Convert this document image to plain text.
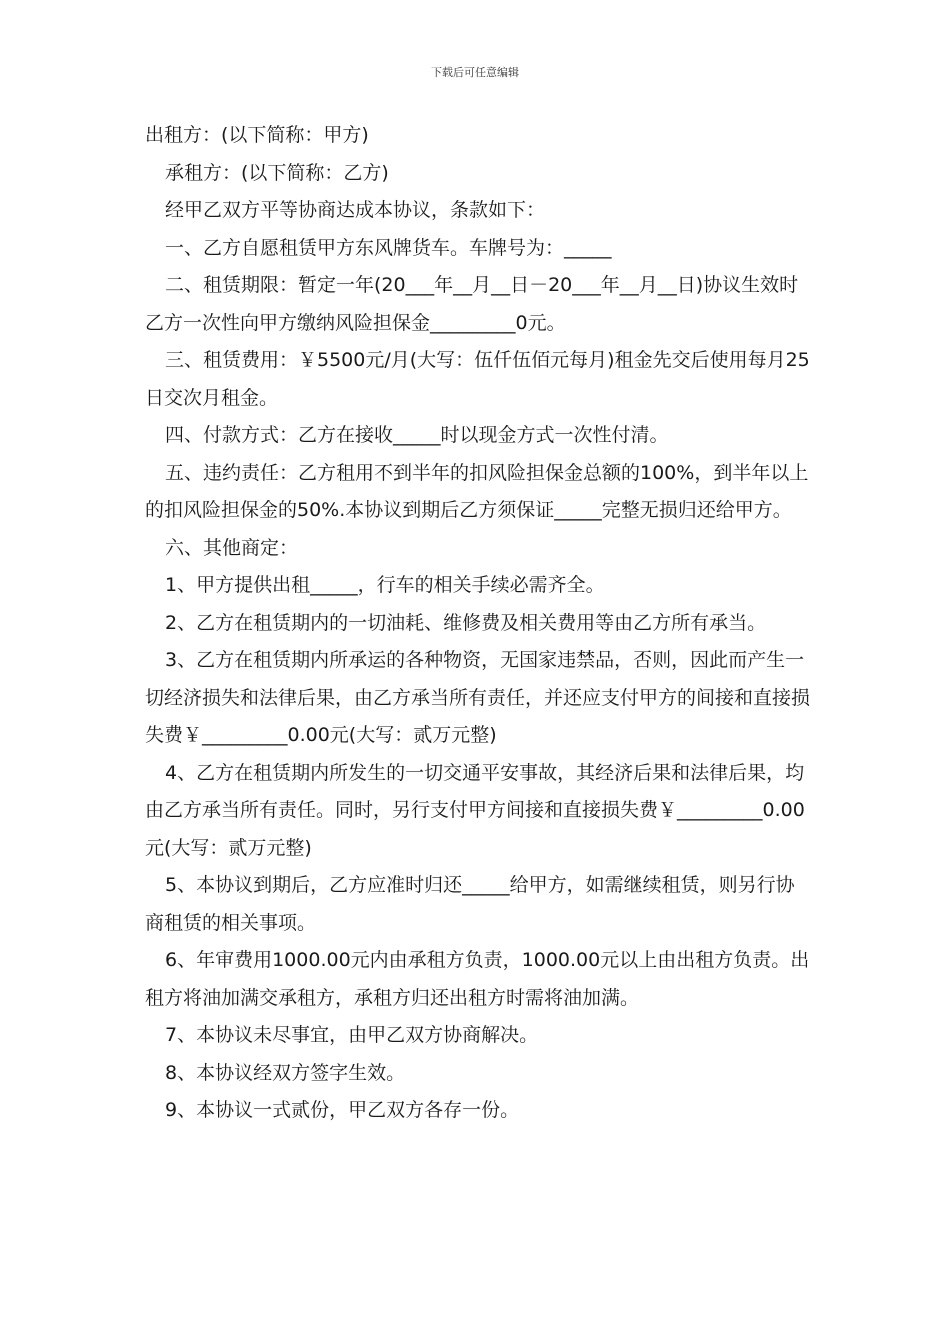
下载后可任意编辑

出租方：(以下简称：甲方)

承租方：(以下简称：乙方)

经甲乙双方平等协商达成本协议，条款如下：

一、乙方自愿租赁甲方东风牌货车。车牌号为：_____

二、租赁期限：暂定一年(20___年__月__日－20___年__月__日)协议生效时乙方一次性向甲方缴纳风险担保金_________0元。

三、租赁费用：￥5500元/月(大写：伍仟伍佰元每月)租金先交后使用每月25日交次月租金。

四、付款方式：乙方在接收_____时以现金方式一次性付清。

五、违约责任：乙方租用不到半年的扣风险担保金总额的100%，到半年以上的扣风险担保金的50%.本协议到期后乙方须保证_____完整无损归还给甲方。

六、其他商定：

1、甲方提供出租_____，行车的相关手续必需齐全。

2、乙方在租赁期内的一切油耗、维修费及相关费用等由乙方所有承当。

3、乙方在租赁期内所承运的各种物资，无国家违禁品，否则，因此而产生一切经济损失和法律后果，由乙方承当所有责任，并还应支付甲方的间接和直接损失费￥_________0.00元(大写：贰万元整)

4、乙方在租赁期内所发生的一切交通平安事故，其经济后果和法律后果，均由乙方承当所有责任。同时，另行支付甲方间接和直接损失费￥_________0.00元(大写：贰万元整)

5、本协议到期后，乙方应准时归还_____给甲方，如需继续租赁，则另行协商租赁的相关事项。

6、年审费用1000.00元内由承租方负责，1000.00元以上由出租方负责。出租方将油加满交承租方，承租方归还出租方时需将油加满。

7、本协议未尽事宜，由甲乙双方协商解决。

8、本协议经双方签字生效。

9、本协议一式贰份，甲乙双方各存一份。
